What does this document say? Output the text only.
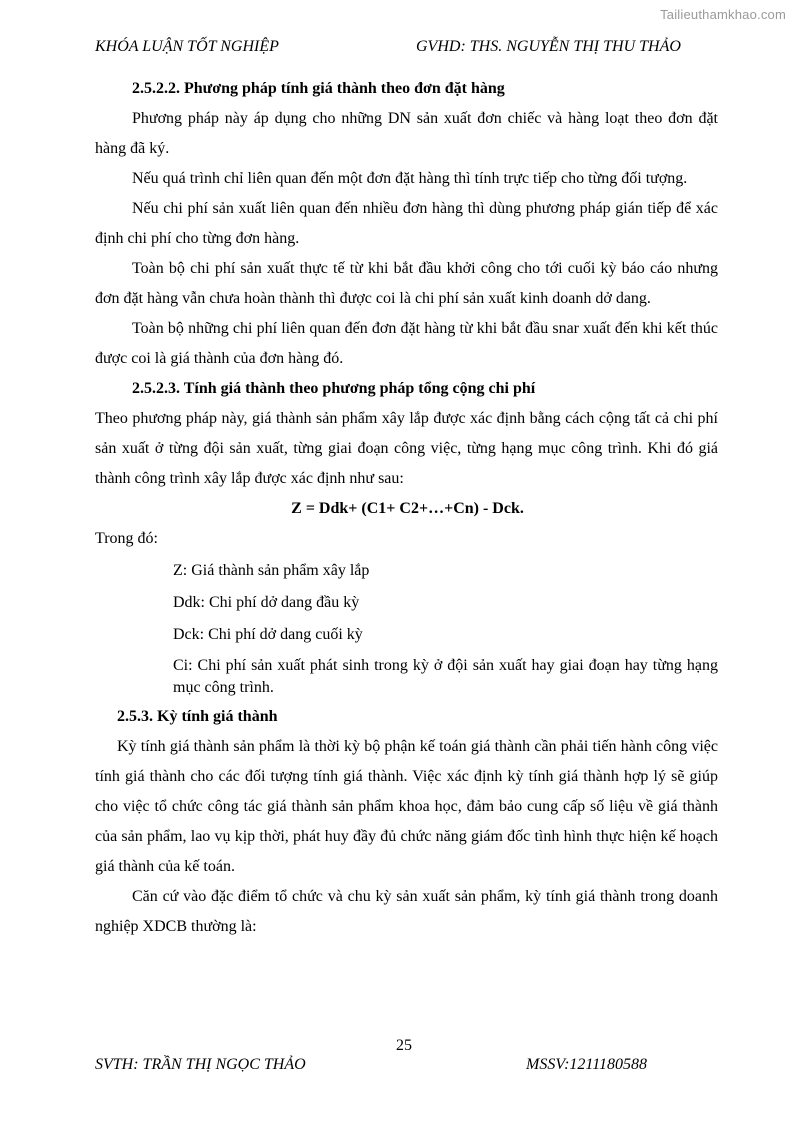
Tailieuthamkhao.com
KHÓA LUẬN TỐT NGHIỆP	GVHD: THS. NGUYỄN THỊ THU THẢO

2.5.2.2. Phương pháp tính giá thành theo đơn đặt hàng

Phương pháp này áp dụng cho những DN sản xuất đơn chiếc và hàng loạt theo đơn đặt hàng đã ký.

Nếu quá trình chỉ liên quan đến một đơn đặt hàng thì tính trực tiếp cho từng đối tượng.

Nếu chi phí sản xuất liên quan đến nhiều đơn hàng thì dùng phương pháp gián tiếp để xác định chi phí cho từng đơn hàng.

Toàn bộ chi phí sản xuất thực tế từ khi bắt đầu khởi công cho tới cuối kỳ báo cáo nhưng đơn đặt hàng vẫn chưa hoàn thành thì được coi là chi phí sản xuất kinh doanh dở dang.

Toàn bộ những chi phí liên quan đến đơn đặt hàng từ khi bắt đầu snar xuất đến khi kết thúc được coi là giá thành của đơn hàng đó.

2.5.2.3. Tính giá thành theo phương pháp tổng cộng chi phí

Theo phương pháp này, giá thành sản phẩm xây lắp được xác định bằng cách cộng tất cả chi phí sản xuất ở từng đội sản xuất, từng giai đoạn công việc, từng hạng mục công trình. Khi đó giá thành công trình xây lắp được xác định như sau:

Z = Ddk+ (C1+ C2+…+Cn) - Dck.

Trong đó:

Z: Giá thành sản phẩm xây lắp

Ddk: Chi phí dở dang đầu kỳ

Dck: Chi phí dở dang cuối kỳ

Ci: Chi phí sản xuất phát sinh trong kỳ ở đội sản xuất hay giai đoạn hay từng hạng mục công trình.

2.5.3. Kỳ tính giá thành

Kỳ tính giá thành sản phẩm là thời kỳ bộ phận kế toán giá thành cần phải tiến hành công việc tính giá thành cho các đối tượng tính giá thành. Việc xác định kỳ tính giá thành hợp lý sẽ giúp cho việc tổ chức công tác giá thành sản phẩm khoa học, đảm bảo cung cấp số liệu về giá thành của sản phẩm, lao vụ kịp thời, phát huy đầy đủ chức năng giám đốc tình hình thực hiện kế hoạch giá thành của kế toán.

Căn cứ vào đặc điểm tổ chức và chu kỳ sản xuất sản phẩm, kỳ tính giá thành trong doanh nghiệp XDCB thường là:

25
SVTH: TRẦN THỊ NGỌC THẢO	MSSV:1211180588
